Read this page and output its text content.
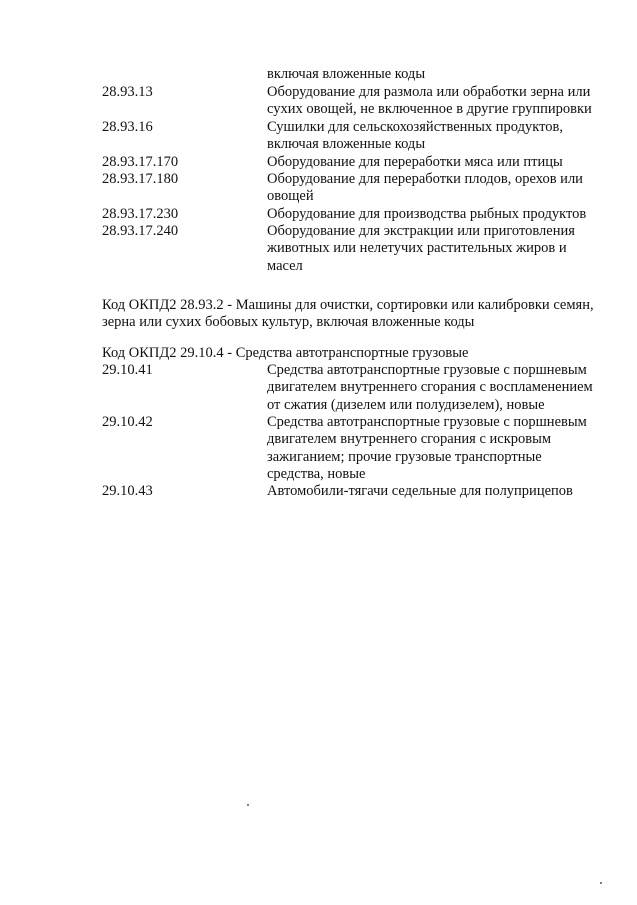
включая вложенные коды
28.93.13	Оборудование для размола или обработки зерна или
сухих овощей, не включенное в другие группировки
28.93.16	Сушилки для сельскохозяйственных продуктов,
включая вложенные коды
28.93.17.170	Оборудование для переработки мяса или птицы
28.93.17.180	Оборудование для переработки плодов, орехов или
овощей
28.93.17.230	Оборудование для производства рыбных продуктов
28.93.17.240	Оборудование для экстракции или приготовления
животных или нелетучих растительных жиров и
масел
Код ОКПД2 28.93.2 - Машины для очистки, сортировки или калибровки семян,
зерна или сухих бобовых культур, включая вложенные коды
Код ОКПД2 29.10.4 - Средства автотранспортные грузовые
29.10.41	Средства автотранспортные грузовые с поршневым
двигателем внутреннего сгорания с воспламенением
от сжатия (дизелем или полудизелем), новые
29.10.42	Средства автотранспортные грузовые с поршневым
двигателем внутреннего сгорания с искровым
зажиганием; прочие грузовые транспортные
средства, новые
29.10.43	Автомобили-тягачи седельные для полуприцепов
